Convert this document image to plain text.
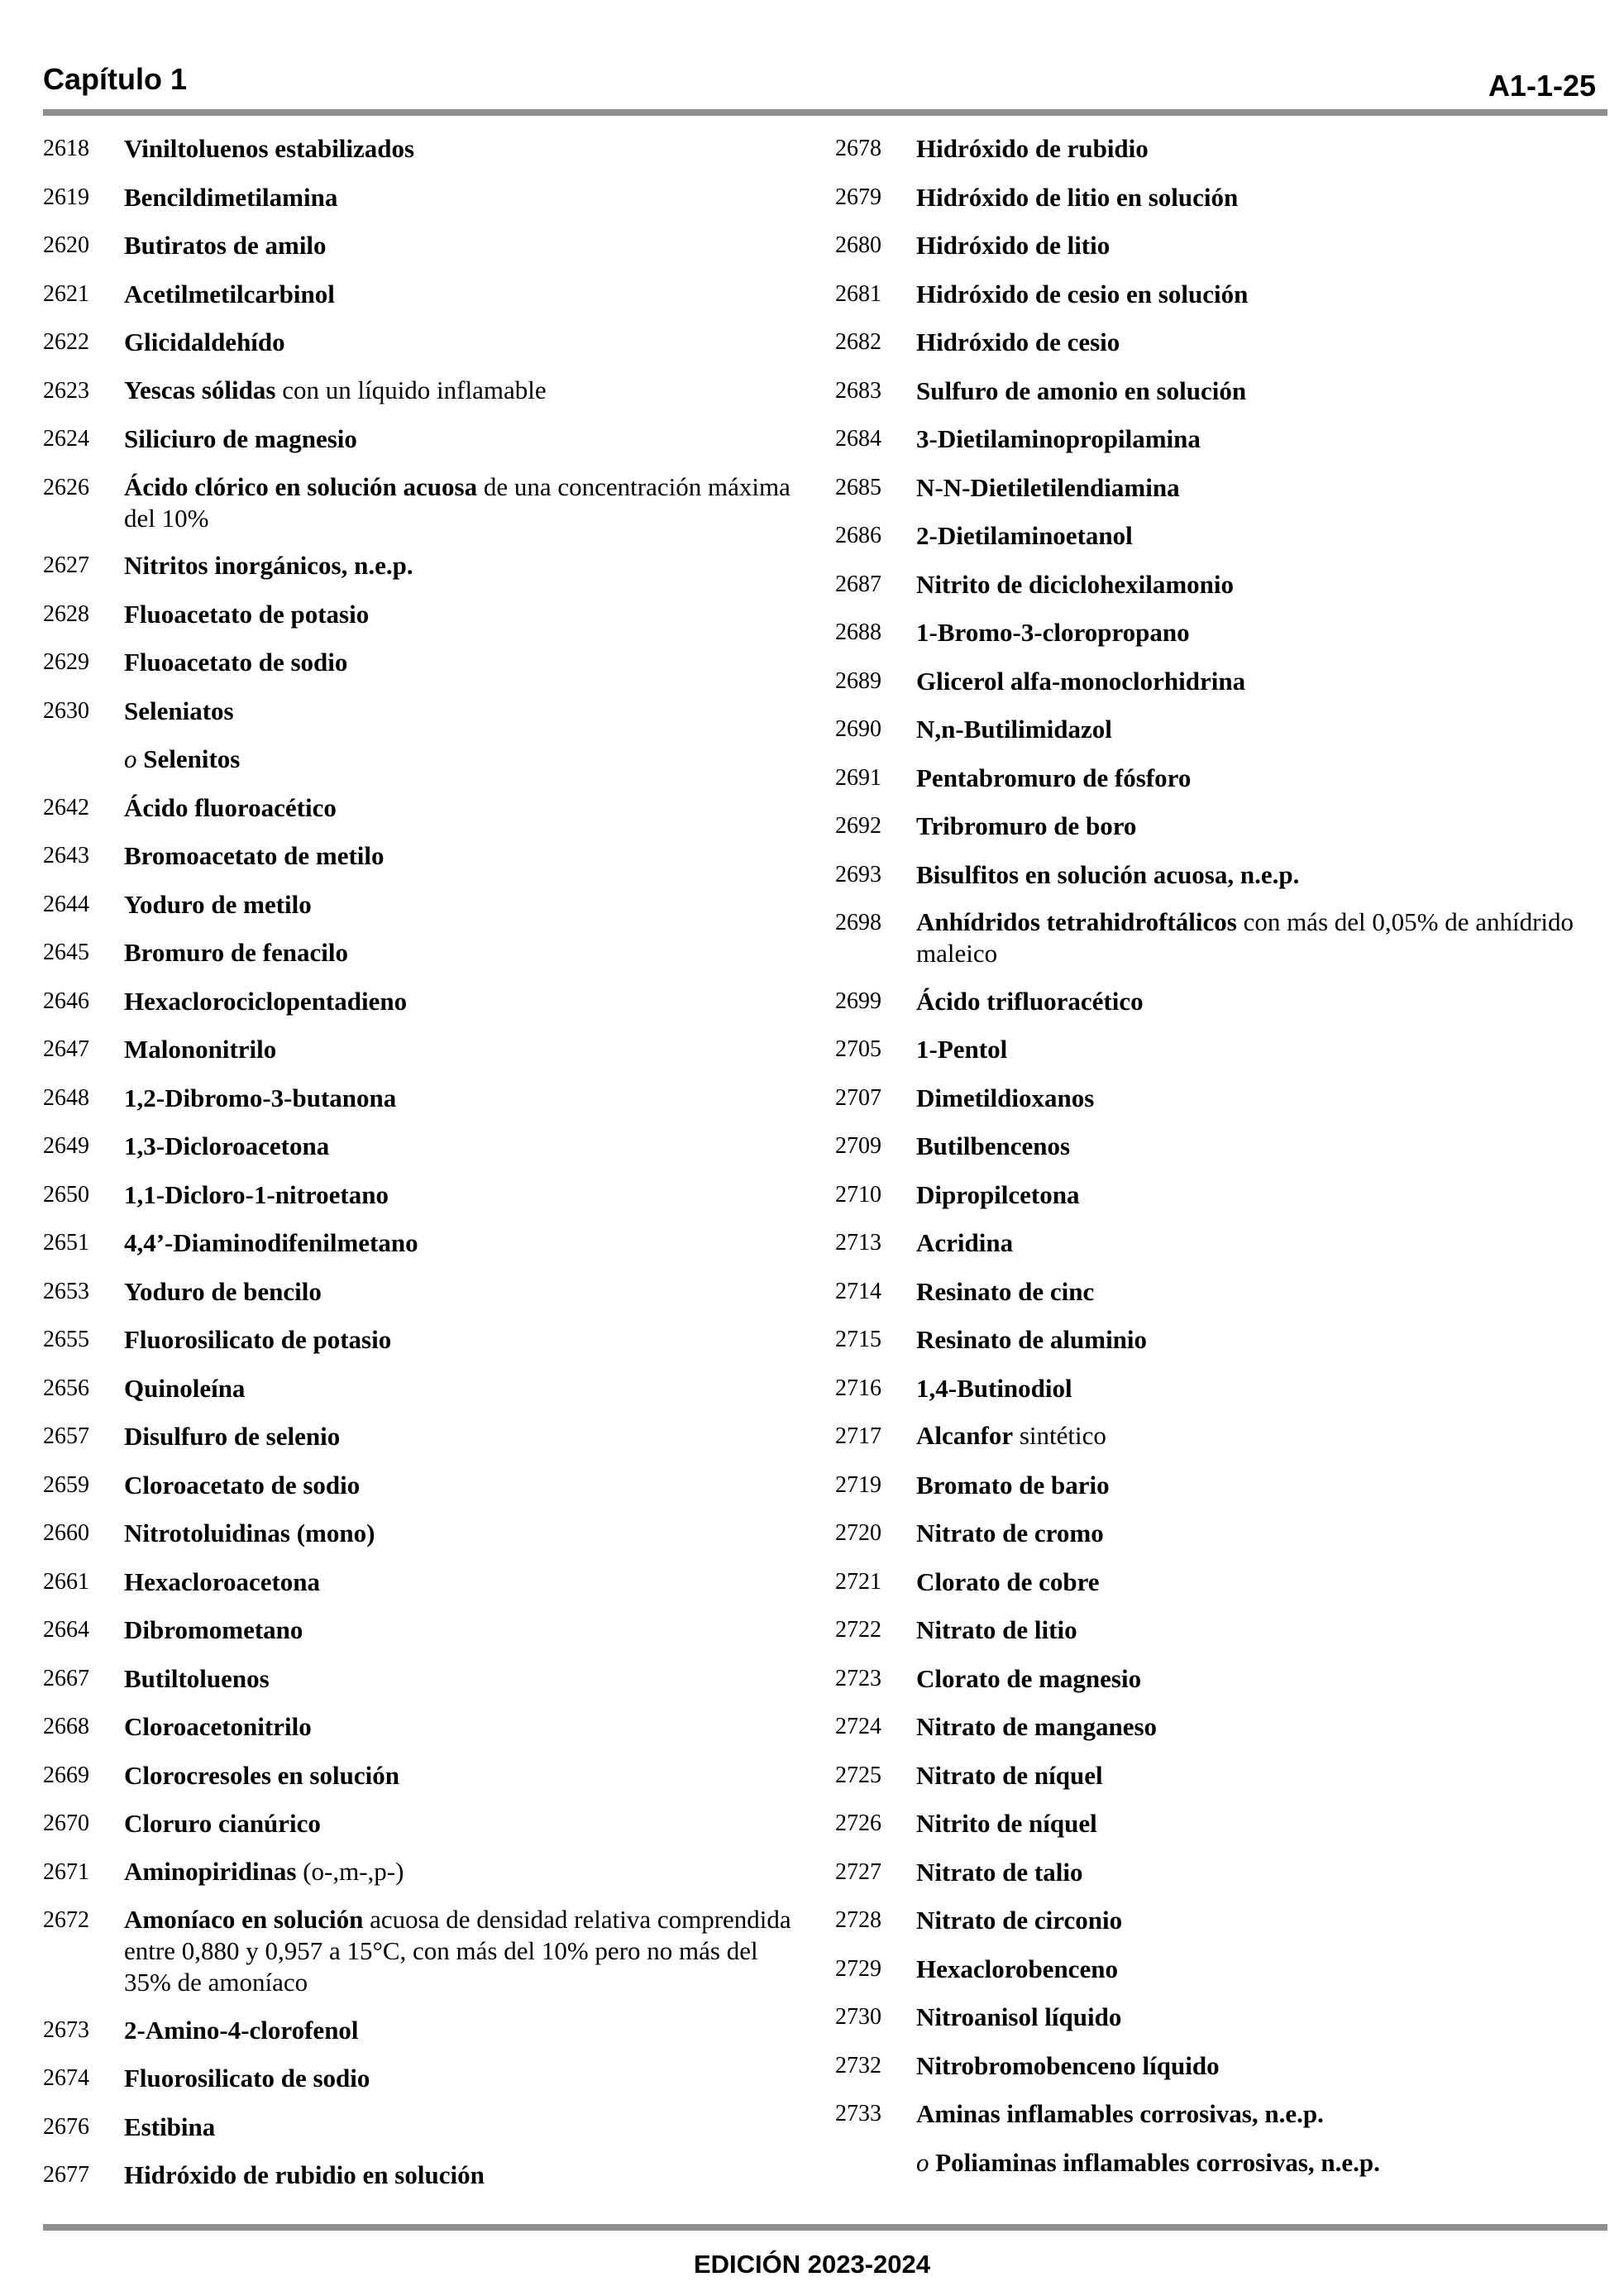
Capítulo 1	A1-1-25
2618	Viniltoluenos estabilizados
2619	Bencildimetilamina
2620	Butiratos de amilo
2621	Acetilmetilcarbinol
2622	Glicidaldehído
2623	Yescas sólidas con un líquido inflamable
2624	Siliciuro de magnesio
2626	Ácido clórico en solución acuosa de una concentración máxima del 10%
2627	Nitritos inorgánicos, n.e.p.
2628	Fluoacetato de potasio
2629	Fluoacetato de sodio
2630	Seleniatos
o Selenitos
2642	Ácido fluoroacético
2643	Bromoacetato de metilo
2644	Yoduro de metilo
2645	Bromuro de fenacilo
2646	Hexaclorociclopentadieno
2647	Malononitrilo
2648	1,2-Dibromo-3-butanona
2649	1,3-Dicloroacetona
2650	1,1-Dicloro-1-nitroetano
2651	4,4’-Diaminodifenilmetano
2653	Yoduro de bencilo
2655	Fluorosilicato de potasio
2656	Quinoleína
2657	Disulfuro de selenio
2659	Cloroacetato de sodio
2660	Nitrotoluidinas (mono)
2661	Hexacloroacetona
2664	Dibromometano
2667	Butiltoluenos
2668	Cloroacetonitrilo
2669	Clorocresoles en solución
2670	Cloruro cianúrico
2671	Aminopiridinas (o-,m-,p-)
2672	Amoníaco en solución acuosa de densidad relativa comprendida entre 0,880 y 0,957 a 15°C, con más del 10% pero no más del 35% de amoníaco
2673	2-Amino-4-clorofenol
2674	Fluorosilicato de sodio
2676	Estibina
2677	Hidróxido de rubidio en solución
2678	Hidróxido de rubidio
2679	Hidróxido de litio en solución
2680	Hidróxido de litio
2681	Hidróxido de cesio en solución
2682	Hidróxido de cesio
2683	Sulfuro de amonio en solución
2684	3-Dietilaminopropilamina
2685	N-N-Dietiletilendiamina
2686	2-Dietilaminoetanol
2687	Nitrito de diciclohexilamonio
2688	1-Bromo-3-cloropropano
2689	Glicerol alfa-monoclorhidrina
2690	N,n-Butilimidazol
2691	Pentabromuro de fósforo
2692	Tribromuro de boro
2693	Bisulfitos en solución acuosa, n.e.p.
2698	Anhídridos tetrahidroftálicos con más del 0,05% de anhídrido maleico
2699	Ácido trifluoracético
2705	1-Pentol
2707	Dimetildioxanos
2709	Butilbencenos
2710	Dipropilcetona
2713	Acridina
2714	Resinato de cinc
2715	Resinato de aluminio
2716	1,4-Butinodiol
2717	Alcanfor sintético
2719	Bromato de bario
2720	Nitrato de cromo
2721	Clorato de cobre
2722	Nitrato de litio
2723	Clorato de magnesio
2724	Nitrato de manganeso
2725	Nitrato de níquel
2726	Nitrito de níquel
2727	Nitrato de talio
2728	Nitrato de circonio
2729	Hexaclorobenceno
2730	Nitroanisol líquido
2732	Nitrobromobenceno líquido
2733	Aminas inflamables corrosivas, n.e.p.
o Poliaminas inflamables corrosivas, n.e.p.
EDICIÓN 2023-2024
